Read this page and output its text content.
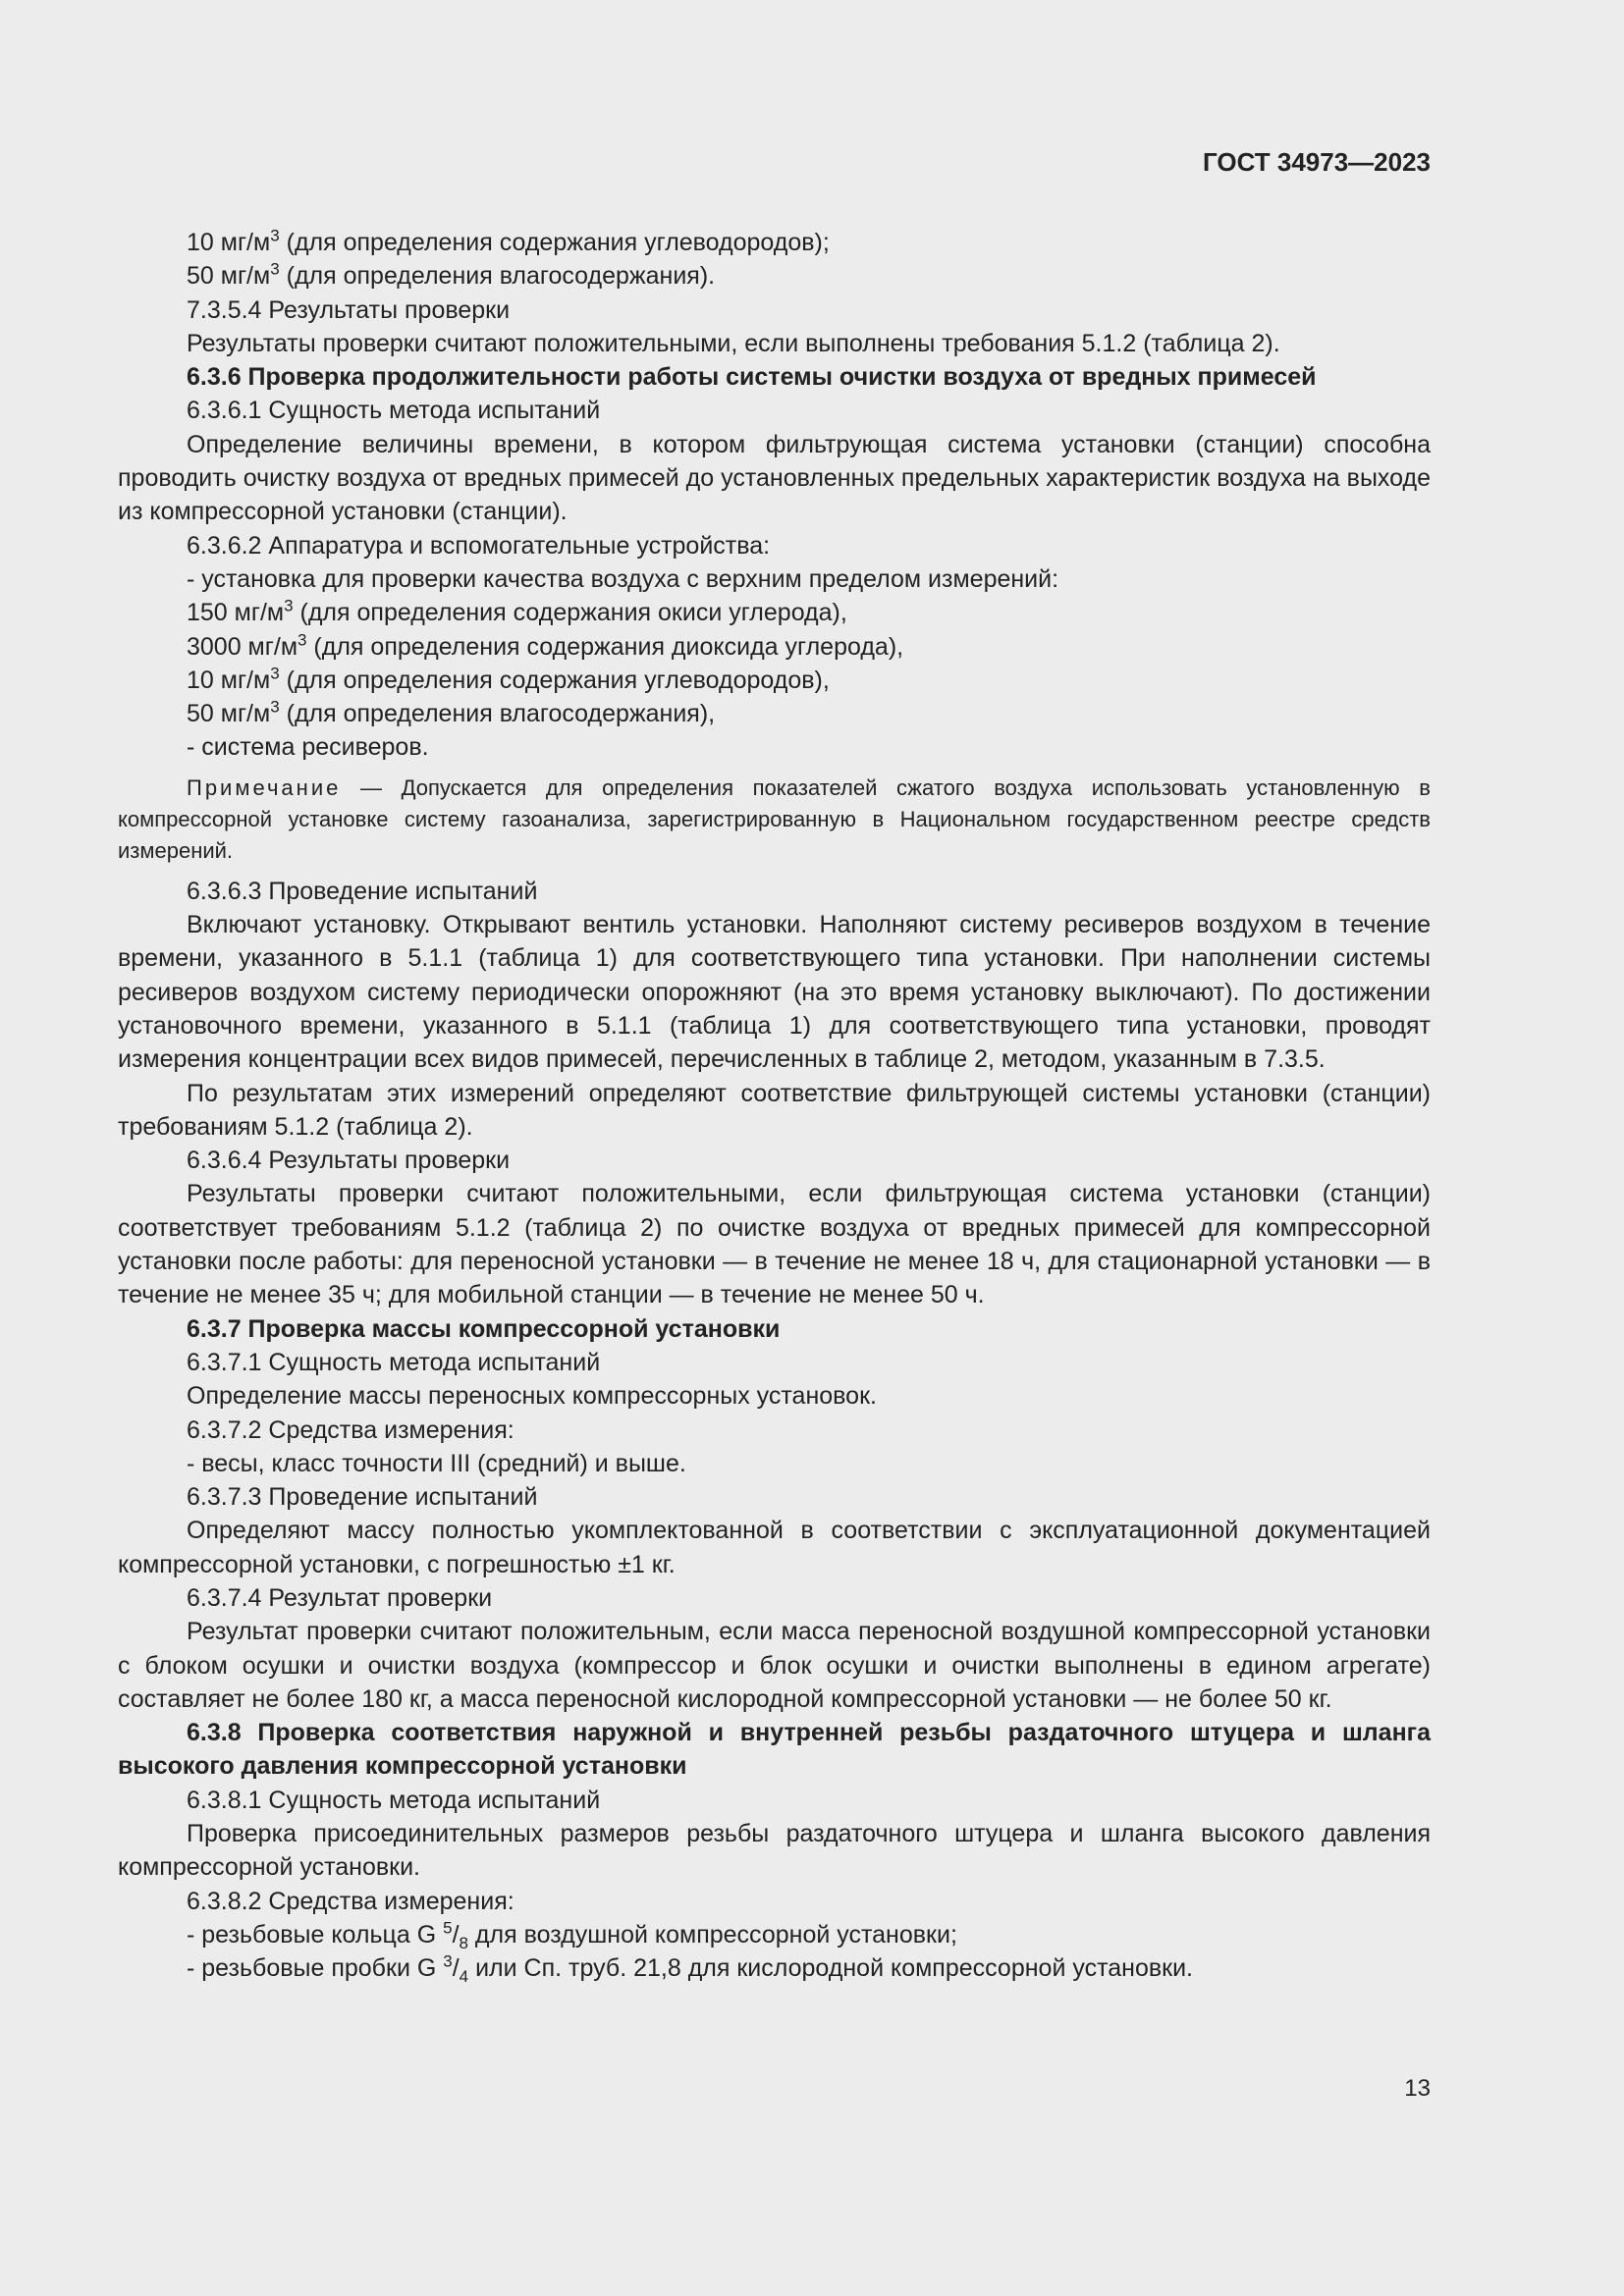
ГОСТ 34973—2023

10 $мг/м^3$ (для определения содержания углеводородов);

50 $мг/м^3$ (для определения влагосодержания).

7.3.5.4 Результаты проверки

Результаты проверки считают положительными, если выполнены требования 5.1.2 (таблица 2).

6.3.6 Проверка продолжительности работы системы очистки воздуха от вредных примесей

6.3.6.1 Сущность метода испытаний

Определение величины времени, в котором фильтрующая система установки (станции) способна проводить очистку воздуха от вредных примесей до установленных предельных характеристик воздуха на выходе из компрессорной установки (станции).

6.3.6.2 Аппаратура и вспомогательные устройства:

- установка для проверки качества воздуха с верхним пределом измерений:

150 $мг/м^3$ (для определения содержания окиси углерода),

3000 $мг/м^3$ (для определения содержания диоксида углерода),

10 $мг/м^3$ (для определения содержания углеводородов),

50 $мг/м^3$ (для определения влагосодержания),

- система ресиверов.

Примечание — Допускается для определения показателей сжатого воздуха использовать установленную в компрессорной установке систему газоанализа, зарегистрированную в Национальном государственном реестре средств измерений.

6.3.6.3 Проведение испытаний

Включают установку. Открывают вентиль установки. Наполняют систему ресиверов воздухом в течение времени, указанного в 5.1.1 (таблица 1) для соответствующего типа установки. При наполнении системы ресиверов воздухом систему периодически опорожняют (на это время установку выключают). По достижении установочного времени, указанного в 5.1.1 (таблица 1) для соответствующего типа установки, проводят измерения концентрации всех видов примесей, перечисленных в таблице 2, методом, указанным в 7.3.5.

По результатам этих измерений определяют соответствие фильтрующей системы установки (станции) требованиям 5.1.2 (таблица 2).

6.3.6.4 Результаты проверки

Результаты проверки считают положительными, если фильтрующая система установки (станции) соответствует требованиям 5.1.2 (таблица 2) по очистке воздуха от вредных примесей для компрессорной установки после работы: для переносной установки — в течение не менее 18 ч, для стационарной установки — в течение не менее 35 ч; для мобильной станции — в течение не менее 50 ч.

6.3.7 Проверка массы компрессорной установки

6.3.7.1 Сущность метода испытаний

Определение массы переносных компрессорных установок.

6.3.7.2 Средства измерения:

- весы, класс точности III (средний) и выше.

6.3.7.3 Проведение испытаний

Определяют массу полностью укомплектованной в соответствии с эксплуатационной документацией компрессорной установки, с погрешностью ±1 кг.

6.3.7.4 Результат проверки

Результат проверки считают положительным, если масса переносной воздушной компрессорной установки с блоком осушки и очистки воздуха (компрессор и блок осушки и очистки выполнены в едином агрегате) составляет не более 180 кг, а масса переносной кислородной компрессорной установки — не более 50 кг.

6.3.8 Проверка соответствия наружной и внутренней резьбы раздаточного штуцера и шланга высокого давления компрессорной установки

6.3.8.1 Сущность метода испытаний

Проверка присоединительных размеров резьбы раздаточного штуцера и шланга высокого давления компрессорной установки.

6.3.8.2 Средства измерения:

- резьбовые кольца G $^5/_8$ для воздушной компрессорной установки;

- резьбовые пробки G $^3/_4$ или Сп. труб. 21,8 для кислородной компрессорной установки.

13
